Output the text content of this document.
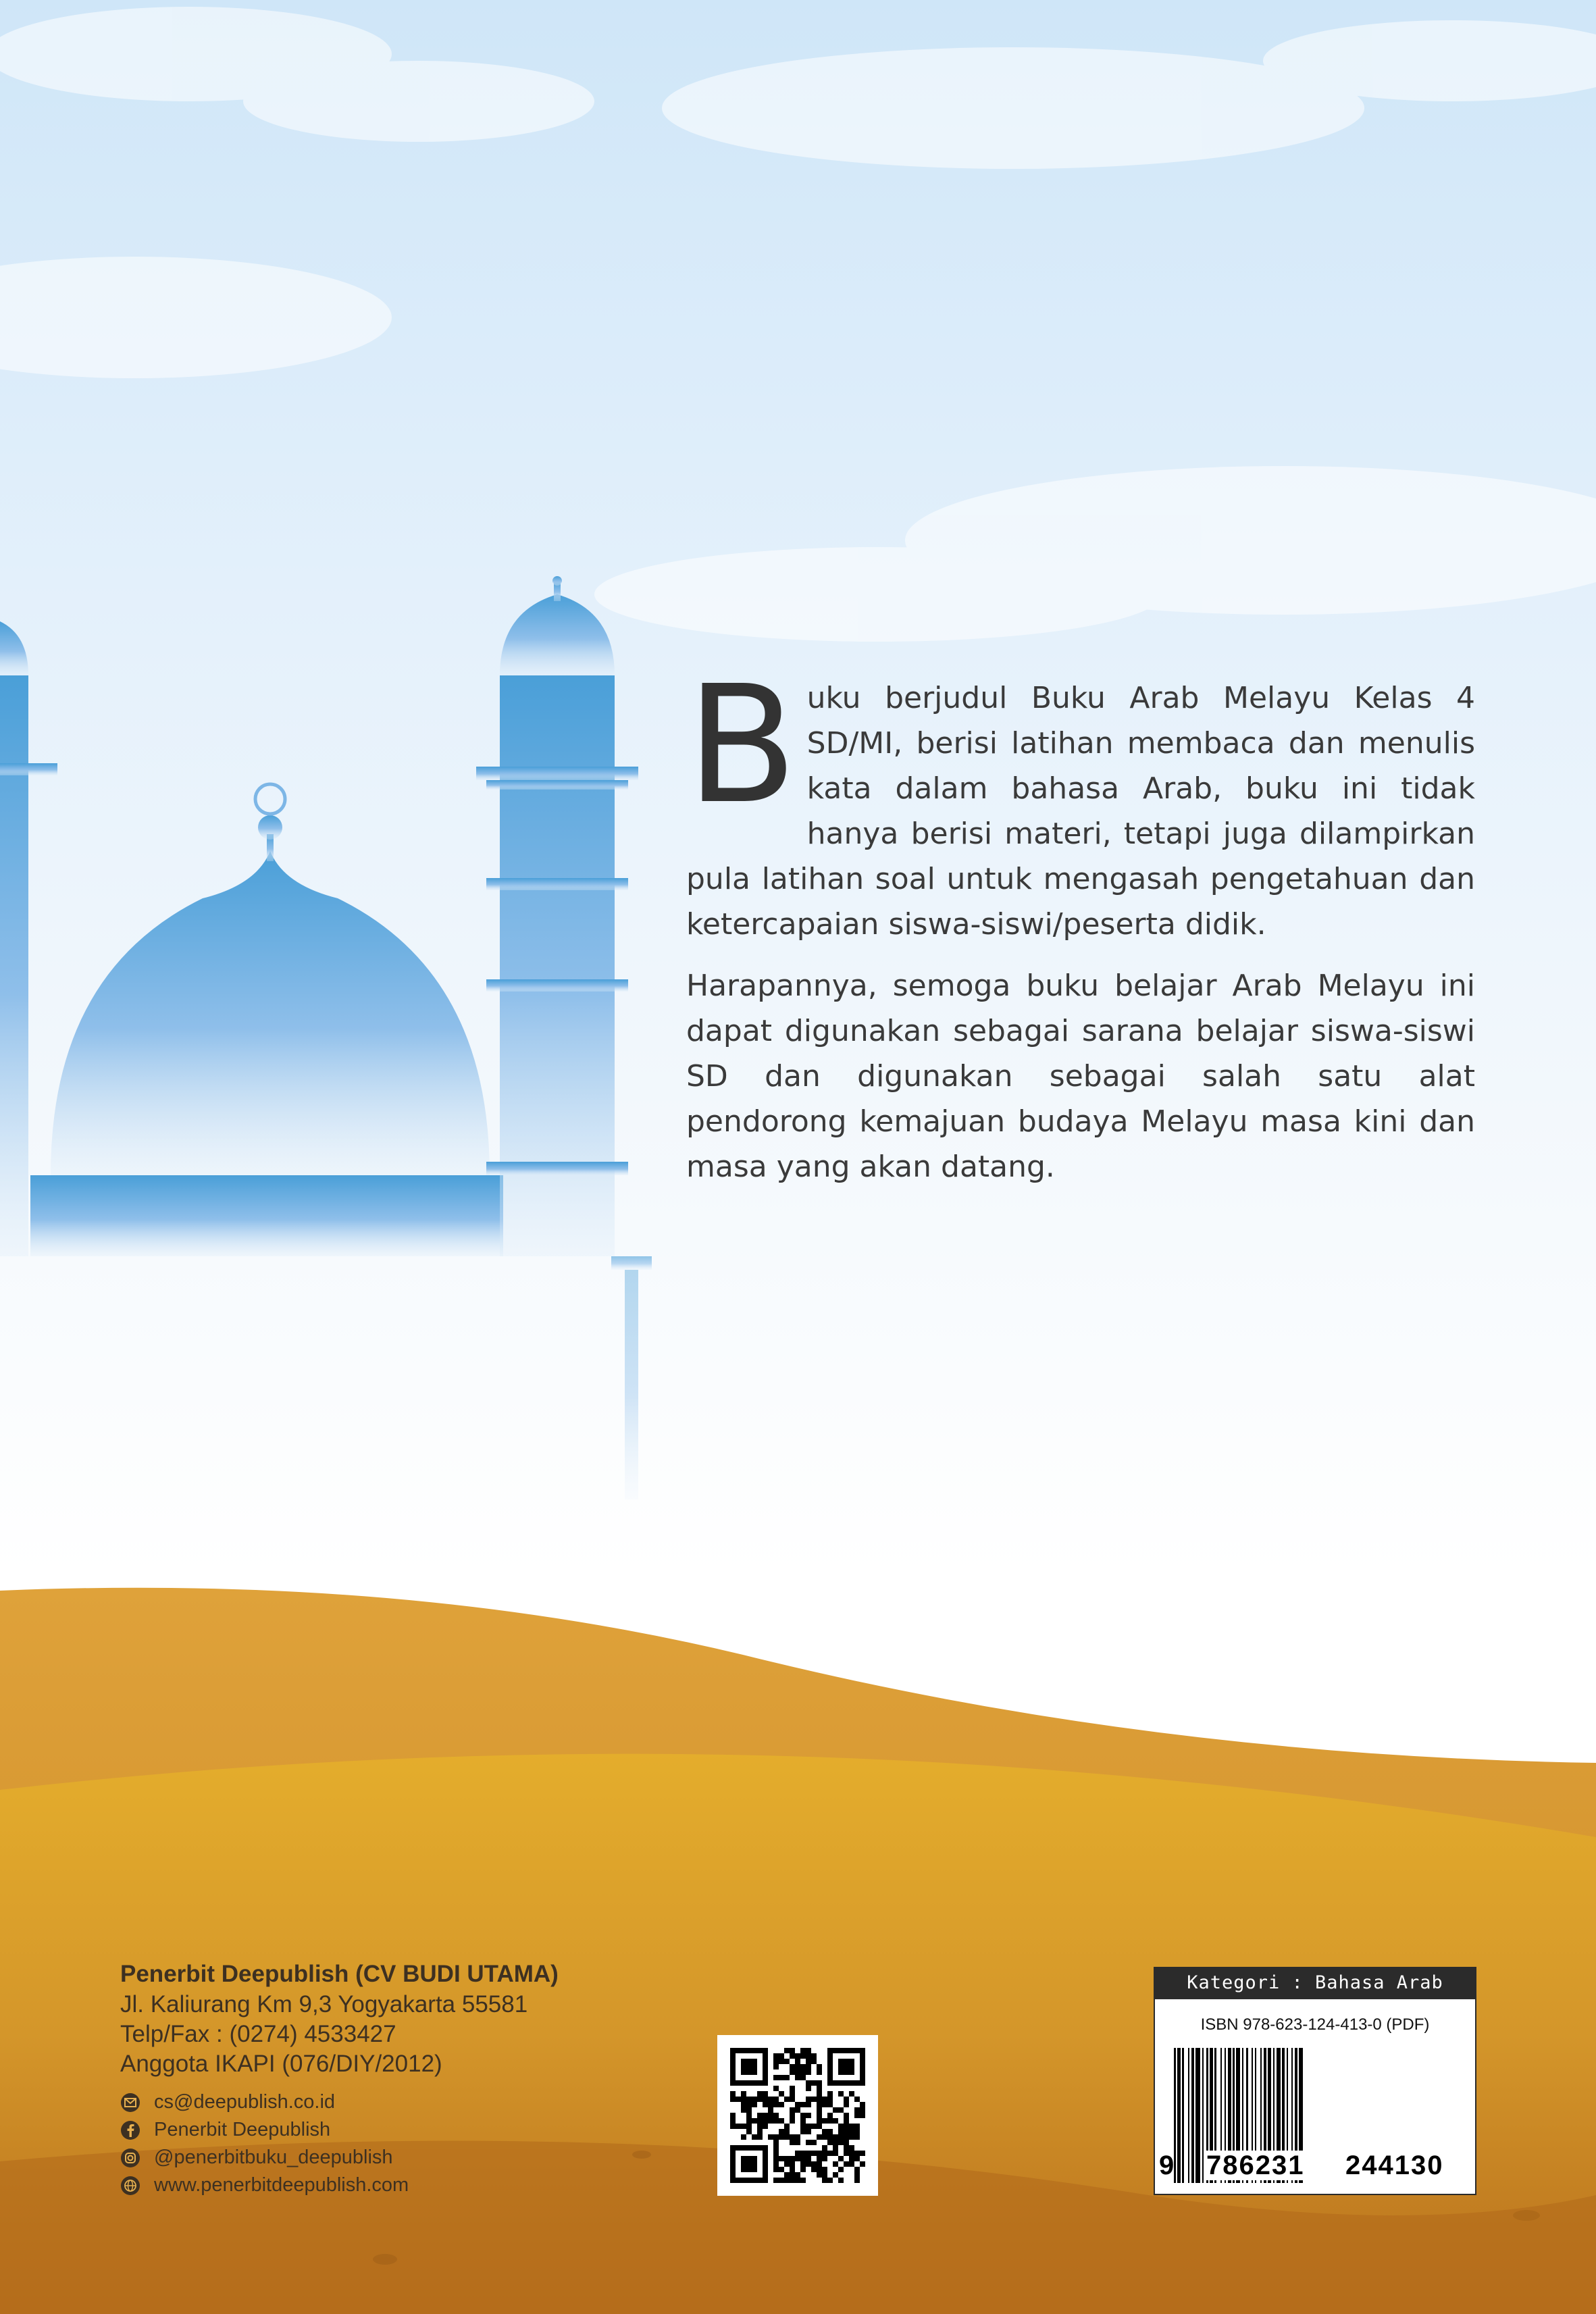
Buku berjudul Buku Arab Melayu Kelas 4 SD/MI, berisi latihan membaca dan menulis kata dalam bahasa Arab, buku ini tidak hanya berisi materi, tetapi juga dilampirkan pula latihan soal untuk mengasah pengetahuan dan ketercapaian siswa-siswi/peserta didik.

Harapannya, semoga buku belajar Arab Melayu ini dapat digunakan sebagai sarana belajar siswa-siswi SD dan digunakan sebagai salah satu alat pendorong kemajuan budaya Melayu masa kini dan masa yang akan datang.

Penerbit Deepublish (CV BUDI UTAMA)
Jl. Kaliurang Km 9,3 Yogyakarta 55581
Telp/Fax : (0274) 4533427
Anggota IKAPI (076/DIY/2012)
cs@deepublish.co.id
Penerbit Deepublish
@penerbitbuku_deepublish
www.penerbitdeepublish.com
Kategori : Bahasa Arab
ISBN 978-623-124-413-0 (PDF)
9 786231 244130
